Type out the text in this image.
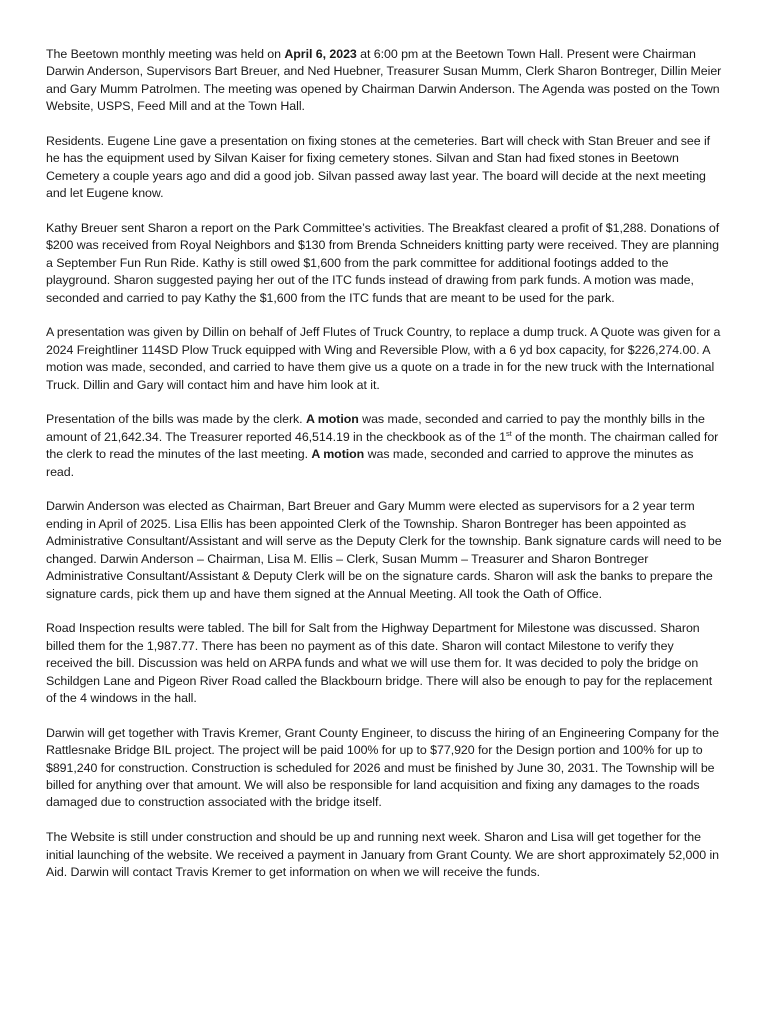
The Beetown monthly meeting was held on April 6, 2023 at 6:00 pm at the Beetown Town Hall. Present were Chairman Darwin Anderson, Supervisors Bart Breuer, and Ned Huebner, Treasurer Susan Mumm, Clerk Sharon Bontreger, Dillin Meier and Gary Mumm Patrolmen. The meeting was opened by Chairman Darwin Anderson. The Agenda was posted on the Town Website, USPS, Feed Mill and at the Town Hall.

Residents. Eugene Line gave a presentation on fixing stones at the cemeteries. Bart will check with Stan Breuer and see if he has the equipment used by Silvan Kaiser for fixing cemetery stones. Silvan and Stan had fixed stones in Beetown Cemetery a couple years ago and did a good job. Silvan passed away last year. The board will decide at the next meeting and let Eugene know.

Kathy Breuer sent Sharon a report on the Park Committee’s activities. The Breakfast cleared a profit of $1,288. Donations of $200 was received from Royal Neighbors and $130 from Brenda Schneiders knitting party were received. They are planning a September Fun Run Ride. Kathy is still owed $1,600 from the park committee for additional footings added to the playground. Sharon suggested paying her out of the ITC funds instead of drawing from park funds. A motion was made, seconded and carried to pay Kathy the $1,600 from the ITC funds that are meant to be used for the park.

A presentation was given by Dillin on behalf of Jeff Flutes of Truck Country, to replace a dump truck. A Quote was given for a 2024 Freightliner 114SD Plow Truck equipped with Wing and Reversible Plow, with a 6 yd box capacity, for $226,274.00. A motion was made, seconded, and carried to have them give us a quote on a trade in for the new truck with the International Truck. Dillin and Gary will contact him and have him look at it.

Presentation of the bills was made by the clerk. A motion was made, seconded and carried to pay the monthly bills in the amount of 21,642.34. The Treasurer reported 46,514.19 in the checkbook as of the 1st of the month. The chairman called for the clerk to read the minutes of the last meeting. A motion was made, seconded and carried to approve the minutes as read.

Darwin Anderson was elected as Chairman, Bart Breuer and Gary Mumm were elected as supervisors for a 2 year term ending in April of 2025. Lisa Ellis has been appointed Clerk of the Township. Sharon Bontreger has been appointed as Administrative Consultant/Assistant and will serve as the Deputy Clerk for the township. Bank signature cards will need to be changed. Darwin Anderson – Chairman, Lisa M. Ellis – Clerk, Susan Mumm – Treasurer and Sharon Bontreger Administrative Consultant/Assistant & Deputy Clerk will be on the signature cards. Sharon will ask the banks to prepare the signature cards, pick them up and have them signed at the Annual Meeting. All took the Oath of Office.

Road Inspection results were tabled. The bill for Salt from the Highway Department for Milestone was discussed. Sharon billed them for the 1,987.77. There has been no payment as of this date. Sharon will contact Milestone to verify they received the bill. Discussion was held on ARPA funds and what we will use them for. It was decided to poly the bridge on Schildgen Lane and Pigeon River Road called the Blackbourn bridge. There will also be enough to pay for the replacement of the 4 windows in the hall.

Darwin will get together with Travis Kremer, Grant County Engineer, to discuss the hiring of an Engineering Company for the Rattlesnake Bridge BIL project. The project will be paid 100% for up to $77,920 for the Design portion and 100% for up to $891,240 for construction. Construction is scheduled for 2026 and must be finished by June 30, 2031. The Township will be billed for anything over that amount. We will also be responsible for land acquisition and fixing any damages to the roads damaged due to construction associated with the bridge itself.

The Website is still under construction and should be up and running next week. Sharon and Lisa will get together for the initial launching of the website. We received a payment in January from Grant County. We are short approximately 52,000 in Aid. Darwin will contact Travis Kremer to get information on when we will receive the funds.
